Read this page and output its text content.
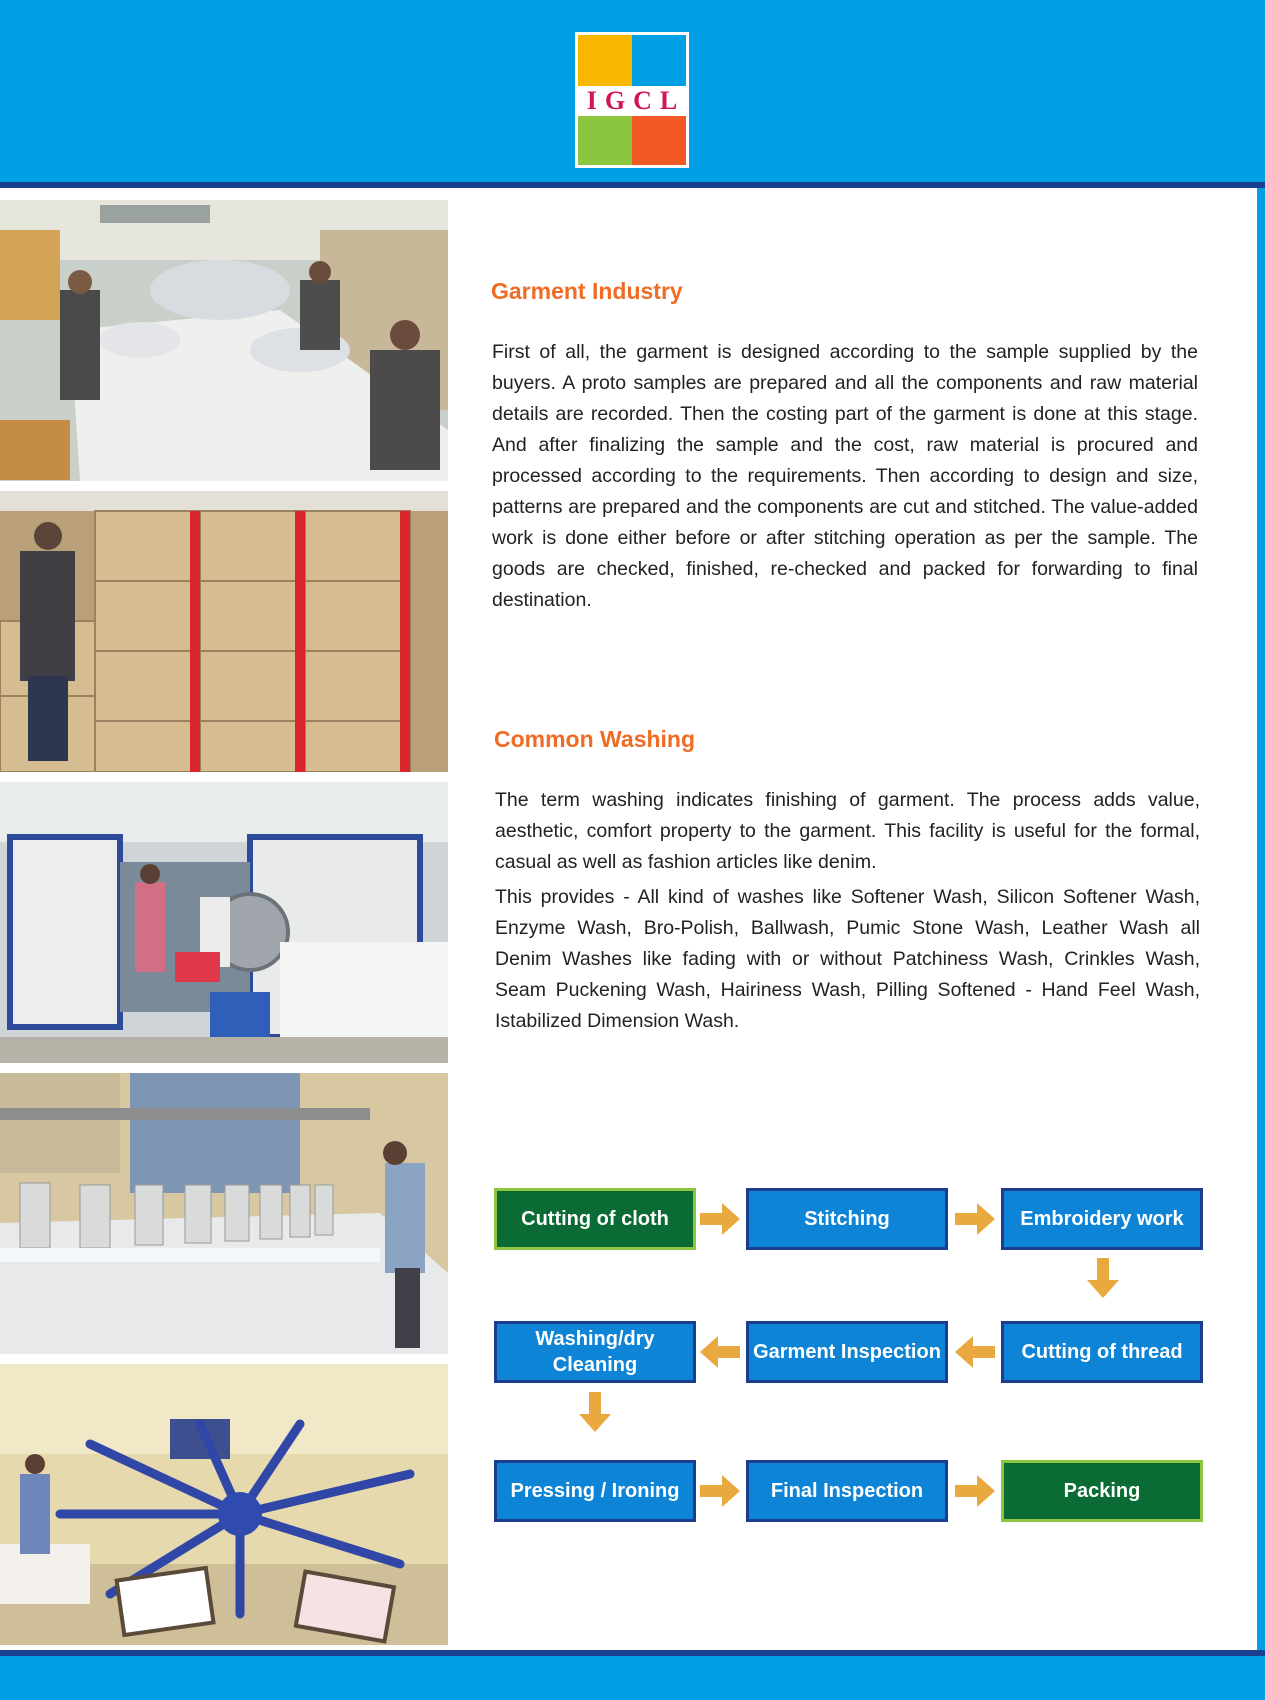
IGCL
Garment Industry

First of all, the garment is designed according to the sample supplied by the buyers. A proto samples are prepared and all the components and raw material details are recorded. Then the costing part of the garment is done at this stage. And after finalizing the sample and the cost, raw material is procured and processed according to the requirements. Then according to design and size, patterns are prepared and the components are cut and stitched. The value-added work is done either before or after stitching operation as per the sample. The goods are checked, finished, re-checked and packed for forwarding to final destination.

Common Washing

The term washing indicates finishing of garment. The process adds value, aesthetic, comfort property to the garment. This facility is useful for the formal, casual as well as fashion articles like denim.

This provides - All kind of washes like Softener Wash, Silicon Softener Wash, Enzyme Wash, Bro-Polish, Ballwash, Pumic Stone Wash, Leather Wash all Denim Washes like fading with or without Patchiness Wash, Crinkles Wash, Seam Puckening Wash, Hairiness Wash, Pilling Softened - Hand Feel Wash, Istabilized Dimension Wash.

Cutting of cloth	Stitching	Embroidery work
Cutting of thread
Garment Inspection
Washing/dry Cleaning
Pressing / Ironing	Final Inspection	Packing
